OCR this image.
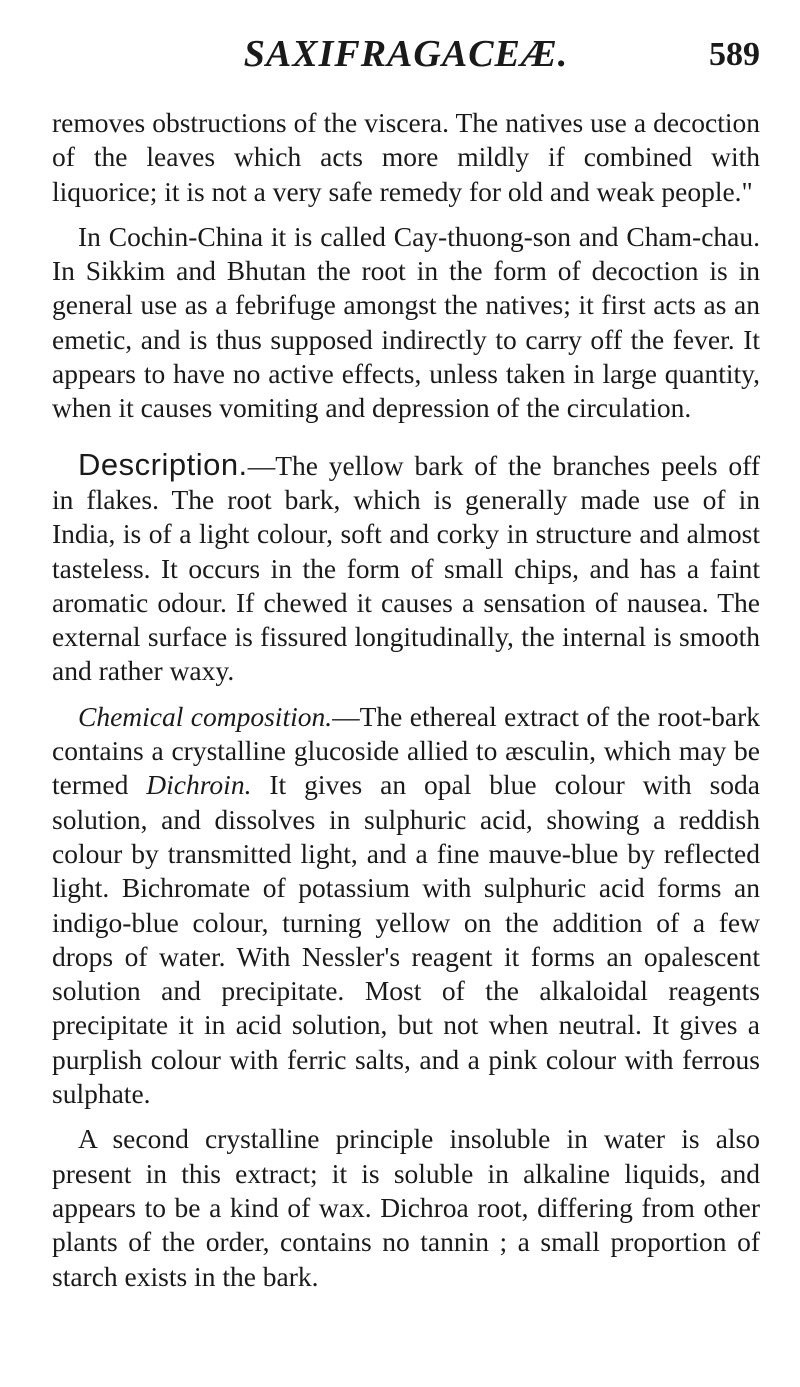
SAXIFRAGACEÆ.	589

removes obstructions of the viscera. The natives use a decoction of the leaves which acts more mildly if combined with liquorice; it is not a very safe remedy for old and weak people."

In Cochin-China it is called Cay-thuong-son and Cham-chau. In Sikkim and Bhutan the root in the form of decoction is in general use as a febrifuge amongst the natives; it first acts as an emetic, and is thus supposed indirectly to carry off the fever. It appears to have no active effects, unless taken in large quantity, when it causes vomiting and depression of the circulation.

Description.—The yellow bark of the branches peels off in flakes. The root bark, which is generally made use of in India, is of a light colour, soft and corky in structure and almost tasteless. It occurs in the form of small chips, and has a faint aromatic odour. If chewed it causes a sensation of nausea. The external surface is fissured longitudinally, the internal is smooth and rather waxy.

Chemical composition.—The ethereal extract of the root-bark contains a crystalline glucoside allied to æsculin, which may be termed Dichroin. It gives an opal blue colour with soda solution, and dissolves in sulphuric acid, showing a reddish colour by transmitted light, and a fine mauve-blue by reflected light. Bichromate of potassium with sulphuric acid forms an indigo-blue colour, turning yellow on the addition of a few drops of water. With Nessler's reagent it forms an opalescent solution and precipitate. Most of the alkaloidal reagents precipitate it in acid solution, but not when neutral. It gives a purplish colour with ferric salts, and a pink colour with ferrous sulphate.

A second crystalline principle insoluble in water is also present in this extract; it is soluble in alkaline liquids, and appears to be a kind of wax. Dichroa root, differing from other plants of the order, contains no tannin ; a small proportion of starch exists in the bark.
